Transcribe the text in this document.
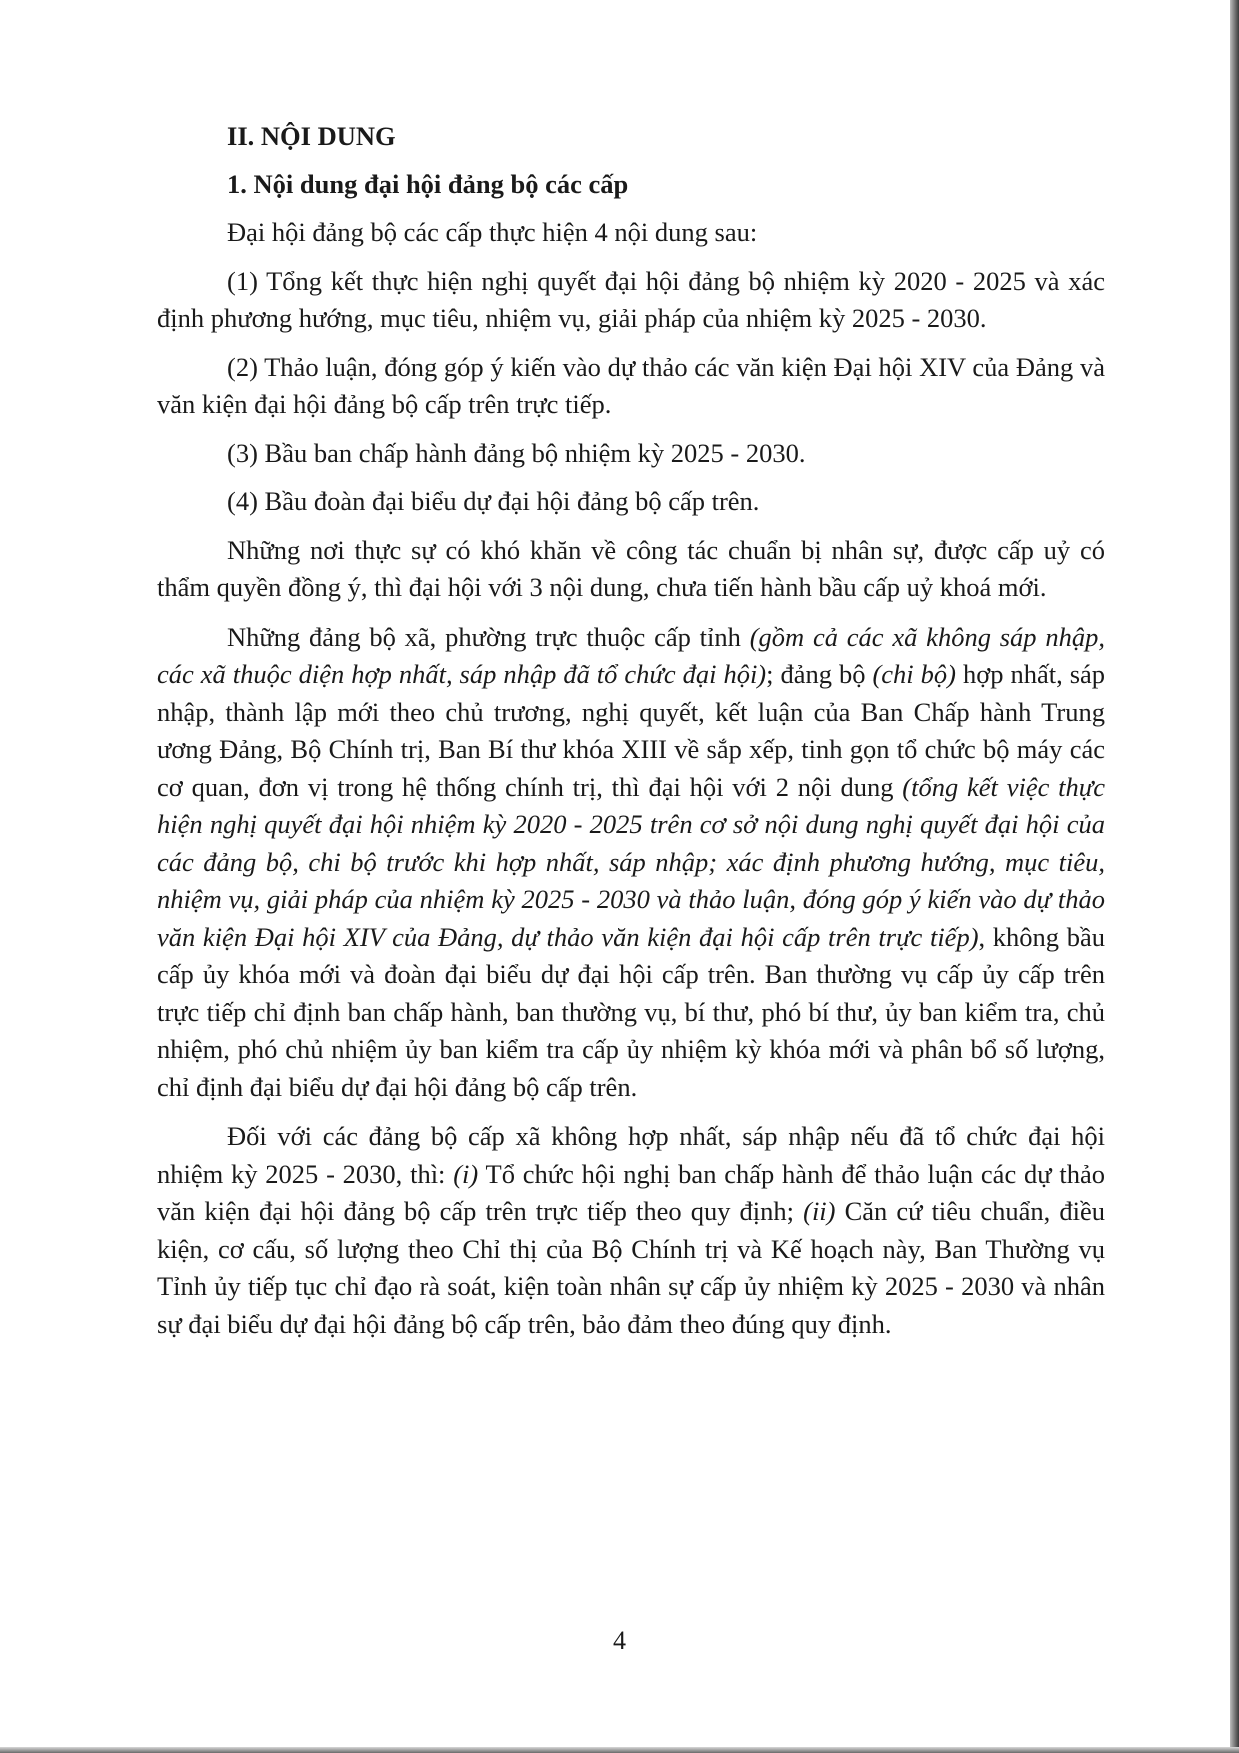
II. NỘI DUNG
1. Nội dung đại hội đảng bộ các cấp

Đại hội đảng bộ các cấp thực hiện 4 nội dung sau:

(1) Tổng kết thực hiện nghị quyết đại hội đảng bộ nhiệm kỳ 2020 - 2025 và xác định phương hướng, mục tiêu, nhiệm vụ, giải pháp của nhiệm kỳ 2025 - 2030.

(2) Thảo luận, đóng góp ý kiến vào dự thảo các văn kiện Đại hội XIV của Đảng và văn kiện đại hội đảng bộ cấp trên trực tiếp.

(3) Bầu ban chấp hành đảng bộ nhiệm kỳ 2025 - 2030.

(4) Bầu đoàn đại biểu dự đại hội đảng bộ cấp trên.

Những nơi thực sự có khó khăn về công tác chuẩn bị nhân sự, được cấp uỷ có thẩm quyền đồng ý, thì đại hội với 3 nội dung, chưa tiến hành bầu cấp uỷ khoá mới.

Những đảng bộ xã, phường trực thuộc cấp tỉnh (gồm cả các xã không sáp nhập, các xã thuộc diện hợp nhất, sáp nhập đã tổ chức đại hội); đảng bộ (chi bộ) hợp nhất, sáp nhập, thành lập mới theo chủ trương, nghị quyết, kết luận của Ban Chấp hành Trung ương Đảng, Bộ Chính trị, Ban Bí thư khóa XIII về sắp xếp, tinh gọn tổ chức bộ máy các cơ quan, đơn vị trong hệ thống chính trị, thì đại hội với 2 nội dung (tổng kết việc thực hiện nghị quyết đại hội nhiệm kỳ 2020 - 2025 trên cơ sở nội dung nghị quyết đại hội của các đảng bộ, chi bộ trước khi hợp nhất, sáp nhập; xác định phương hướng, mục tiêu, nhiệm vụ, giải pháp của nhiệm kỳ 2025 - 2030 và thảo luận, đóng góp ý kiến vào dự thảo văn kiện Đại hội XIV của Đảng, dự thảo văn kiện đại hội cấp trên trực tiếp), không bầu cấp ủy khóa mới và đoàn đại biểu dự đại hội cấp trên. Ban thường vụ cấp ủy cấp trên trực tiếp chỉ định ban chấp hành, ban thường vụ, bí thư, phó bí thư, ủy ban kiểm tra, chủ nhiệm, phó chủ nhiệm ủy ban kiểm tra cấp ủy nhiệm kỳ khóa mới và phân bổ số lượng, chỉ định đại biểu dự đại hội đảng bộ cấp trên.

Đối với các đảng bộ cấp xã không hợp nhất, sáp nhập nếu đã tổ chức đại hội nhiệm kỳ 2025 - 2030, thì: (i) Tổ chức hội nghị ban chấp hành để thảo luận các dự thảo văn kiện đại hội đảng bộ cấp trên trực tiếp theo quy định; (ii) Căn cứ tiêu chuẩn, điều kiện, cơ cấu, số lượng theo Chỉ thị của Bộ Chính trị và Kế hoạch này, Ban Thường vụ Tỉnh ủy tiếp tục chỉ đạo rà soát, kiện toàn nhân sự cấp ủy nhiệm kỳ 2025 - 2030 và nhân sự đại biểu dự đại hội đảng bộ cấp trên, bảo đảm theo đúng quy định.

4
